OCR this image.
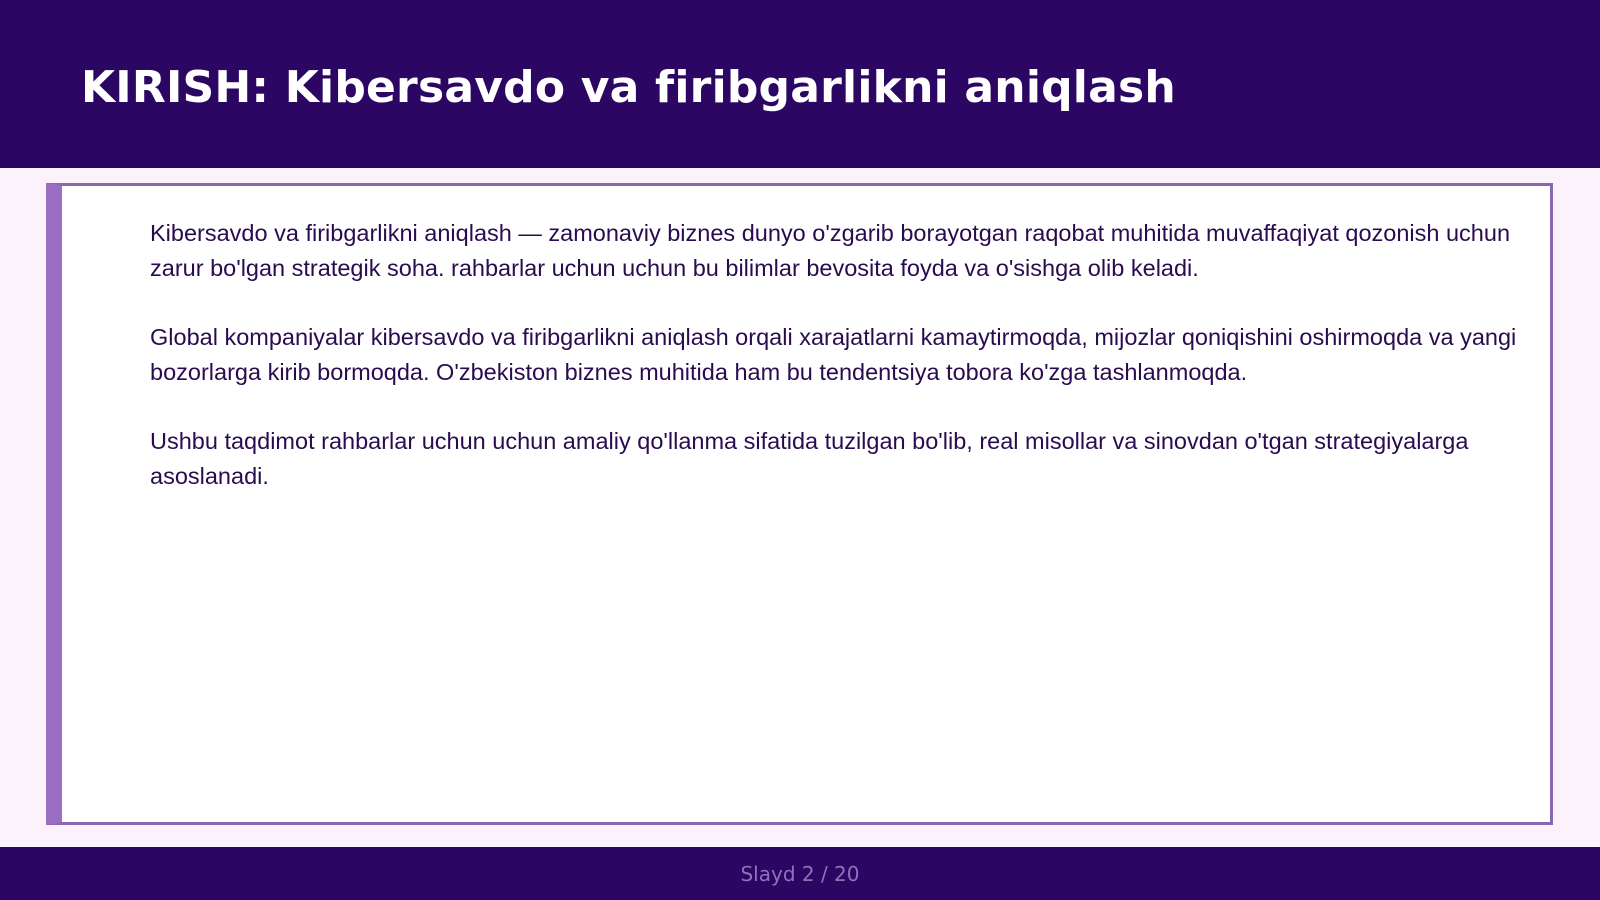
KIRISH: Kibersavdo va firibgarlikni aniqlash

Kibersavdo va firibgarlikni aniqlash — zamonaviy biznes dunyo o'zgarib borayotgan raqobat muhitida muvaffaqiyat qozonish uchun zarur bo'lgan strategik soha. rahbarlar uchun uchun bu bilimlar bevosita foyda va o'sishga olib keladi.

Global kompaniyalar kibersavdo va firibgarlikni aniqlash orqali xarajatlarni kamaytirmoqda, mijozlar qoniqishini oshirmoqda va yangi bozorlarga kirib bormoqda. O'zbekiston biznes muhitida ham bu tendentsiya tobora ko'zga tashlanmoqda.

Ushbu taqdimot rahbarlar uchun uchun amaliy qo'llanma sifatida tuzilgan bo'lib, real misollar va sinovdan o'tgan strategiyalarga asoslanadi.

Slayd 2 / 20
